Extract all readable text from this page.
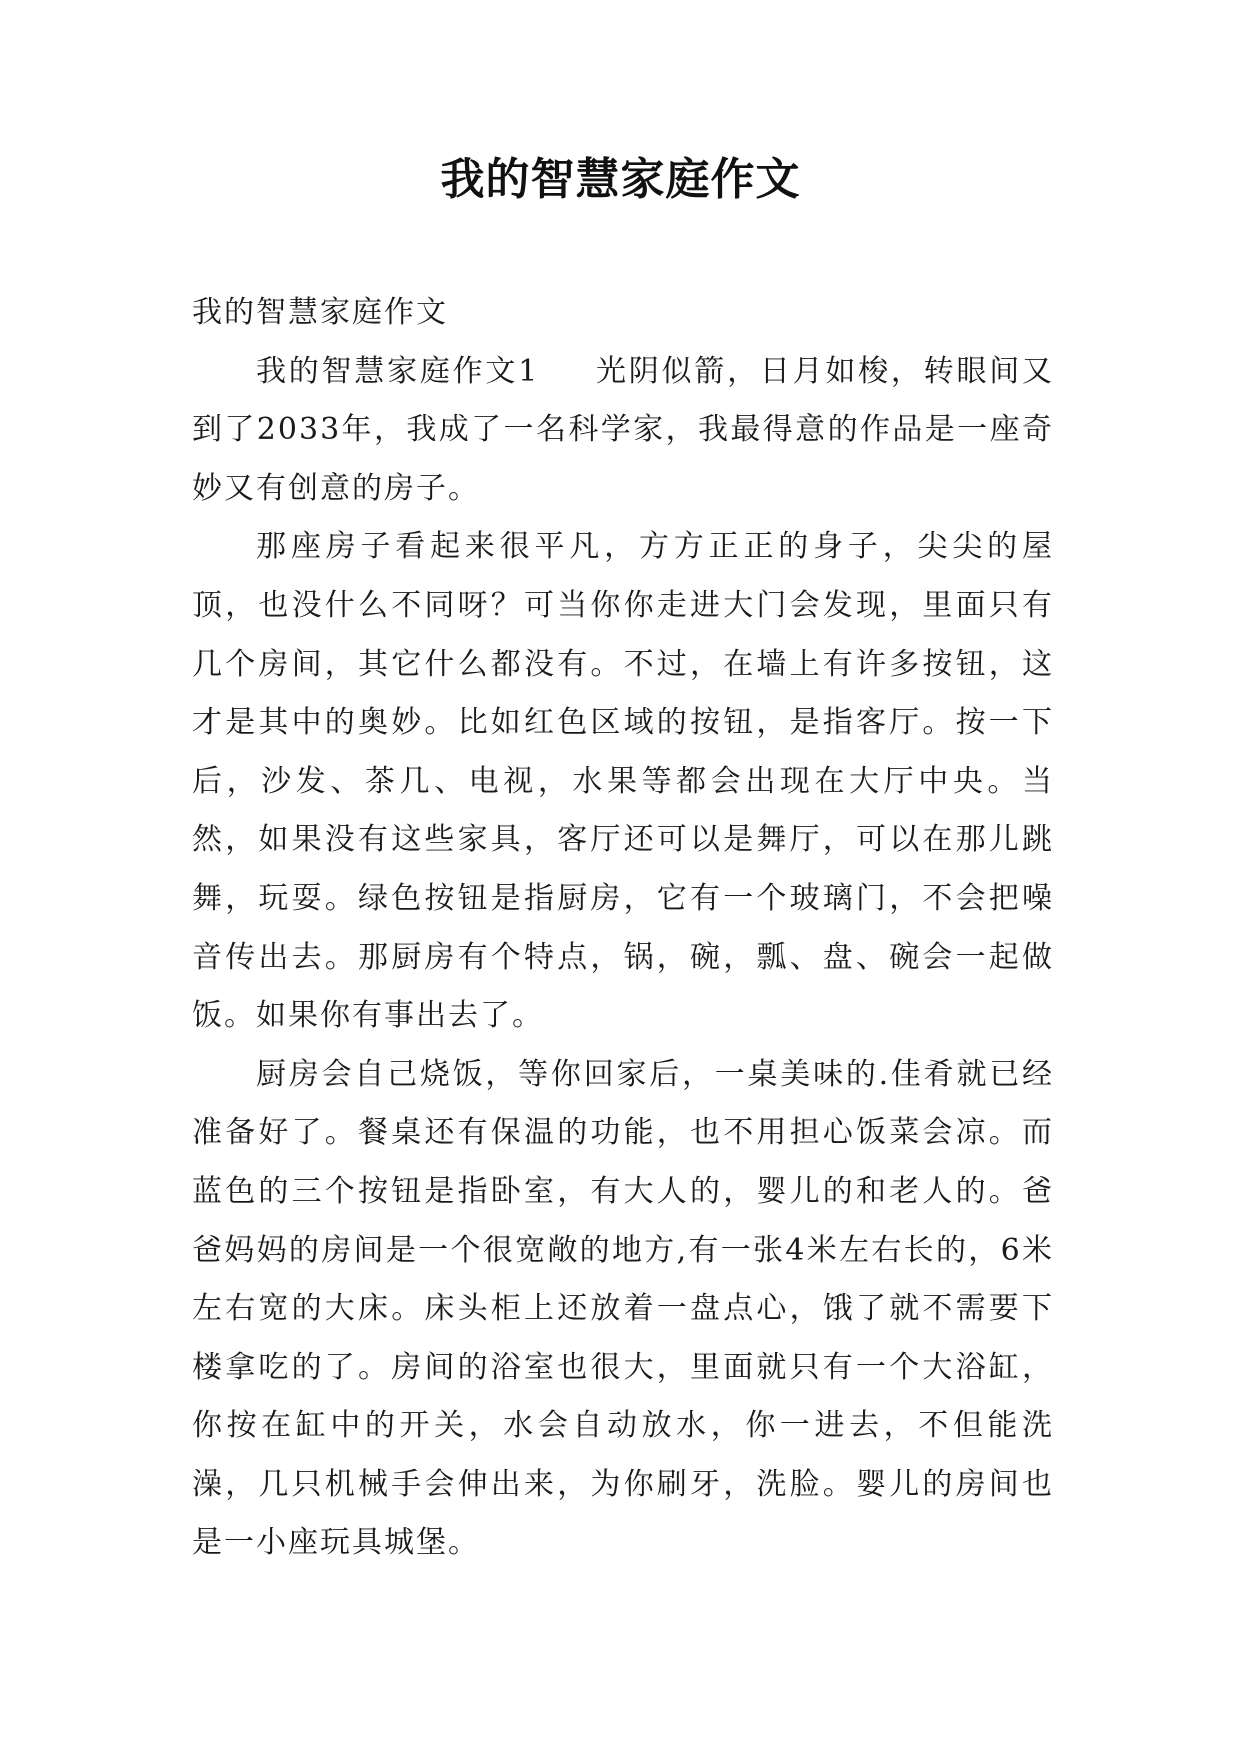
我的智慧家庭作文

我的智慧家庭作文

我的智慧家庭作文1 光阴似箭，日月如梭，转眼间又到了2033年，我成了一名科学家，我最得意的作品是一座奇妙又有创意的房子。

那座房子看起来很平凡，方方正正的身子，尖尖的屋顶，也没什么不同呀？可当你你走进大门会发现，里面只有几个房间，其它什么都没有。不过，在墙上有许多按钮，这才是其中的奥妙。比如红色区域的按钮，是指客厅。按一下后，沙发、茶几、电视，水果等都会出现在大厅中央。当然，如果没有这些家具，客厅还可以是舞厅，可以在那儿跳舞，玩耍。绿色按钮是指厨房，它有一个玻璃门，不会把噪音传出去。那厨房有个特点，锅，碗，瓢、盘、碗会一起做饭。如果你有事出去了。

厨房会自己烧饭，等你回家后，一桌美味的.佳肴就已经准备好了。餐桌还有保温的功能，也不用担心饭菜会凉。而蓝色的三个按钮是指卧室，有大人的，婴儿的和老人的。爸爸妈妈的房间是一个很宽敞的地方,有一张4米左右长的，6米左右宽的大床。床头柜上还放着一盘点心，饿了就不需要下楼拿吃的了。房间的浴室也很大，里面就只有一个大浴缸，你按在缸中的开关，水会自动放水，你一进去，不但能洗澡，几只机械手会伸出来，为你刷牙，洗脸。婴儿的房间也是一小座玩具城堡。
